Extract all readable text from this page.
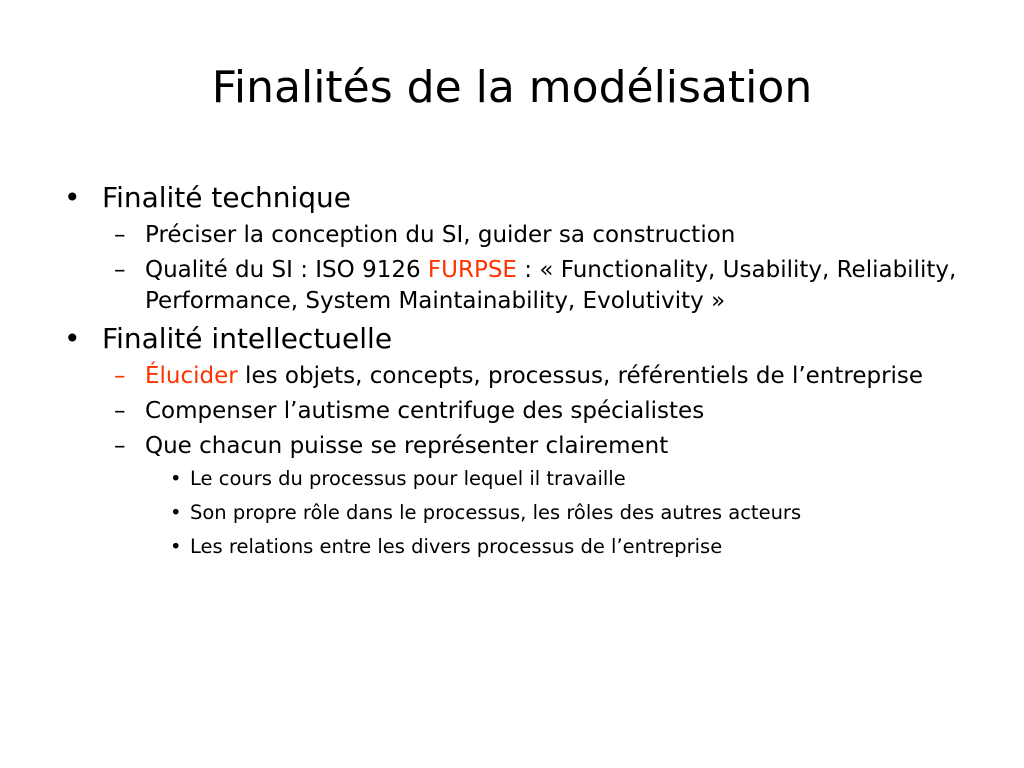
Finalités de la modélisation
• Finalité technique
– Préciser la conception du SI, guider sa construction
– Qualité du SI : ISO 9126 FURPSE : « Functionality, Usability, Reliability, Performance, System Maintainability, Evolutivity »
• Finalité intellectuelle
– Élucider les objets, concepts, processus, référentiels de l’entreprise
– Compenser l’autisme centrifuge des spécialistes
– Que chacun puisse se représenter clairement
• Le cours du processus pour lequel il travaille
• Son propre rôle dans le processus, les rôles des autres acteurs
• Les relations entre les divers processus de l’entreprise
